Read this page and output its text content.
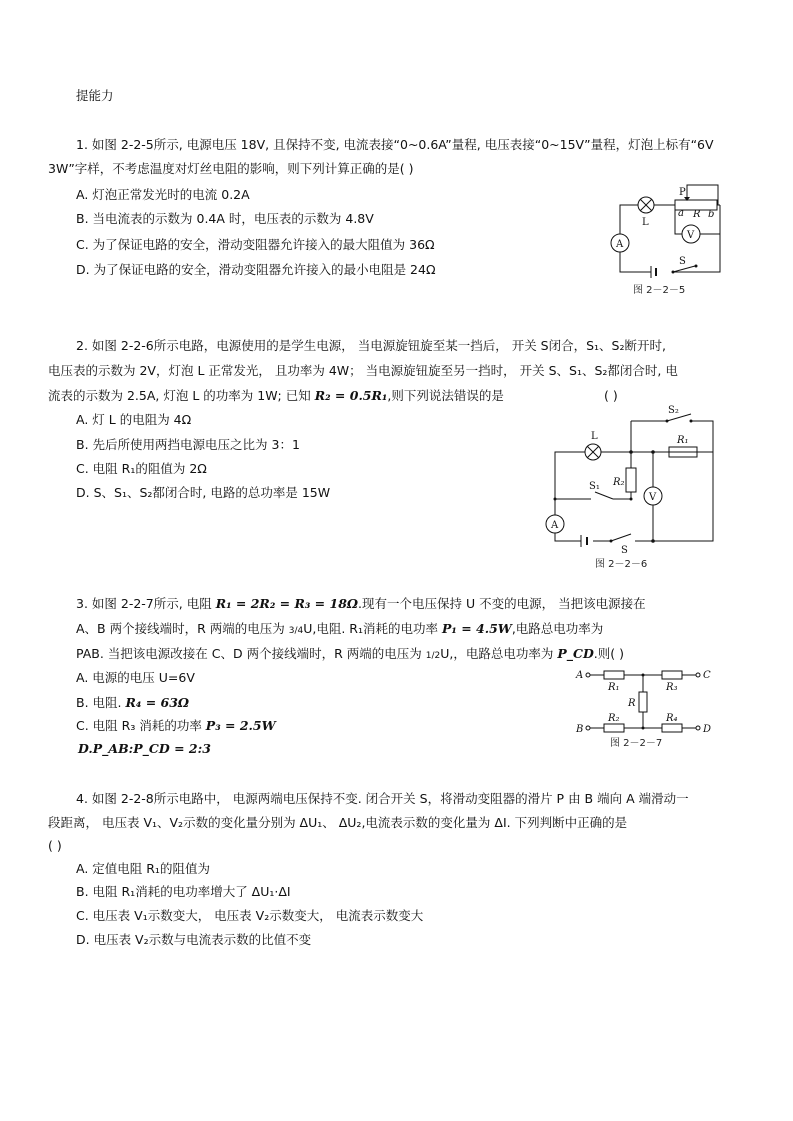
提能力
1. 如图 2-2-5所示, 电源电压 18V, 且保持不变, 电流表接“0~0.6A”量程, 电压表接“0~15V”量程，灯泡上标有“6V
3W”字样，不考虑温度对灯丝电阻的影响，则下列计算正确的是( )
A. 灯泡正常发光时的电流 0.2A
B. 当电流表的示数为 0.4A 时，电压表的示数为 4.8V
C. 为了保证电路的安全，滑动变阻器允许接入的最大阻值为 36Ω
D. 为了保证电路的安全，滑动变阻器允许接入的最小电阻是 24Ω
P
a R b
L
A
V
S
图 2－2－5
2. 如图 2-2-6所示电路，电源使用的是学生电源， 当电源旋钮旋至某一挡后， 开关 S闭合，S₁、S₂断开时,
电压表的示数为 2V，灯泡 L 正常发光， 且功率为 4W； 当电源旋钮旋至另一挡时， 开关 S、S₁、S₂都闭合时, 电
流表的示数为 2.5A, 灯泡 L 的功率为 1W; 已知 R₂ = 0.5R₁,则下列说法错误的是	( )
A. 灯 L 的电阻为 4Ω
B. 先后所使用两挡电源电压之比为 3：1
C. 电阻 R₁的阻值为 2Ω
D. S、S₁、S₂都闭合时, 电路的总功率是 15W
S₂
L	R₁
R₂
S₁
V
A
S
图 2－2－6
3. 如图 2-2-7所示, 电阻 R₁ = 2R₂ = R₃ = 18Ω.现有一个电压保持 U 不变的电源， 当把该电源接在
A、B 两个接线端时，R 两端的电压为 3/4U,电阻. R₁消耗的电功率 P₁ = 4.5W,电路总电功率为
PAB. 当把该电源改接在 C、D 两个接线端时，R 两端的电压为 1/2U,，电路总电功率为 P_CD.则( )
A. 电源的电压 U=6V
B. 电阻. R₄ = 63Ω
C. 电阻 R₃ 消耗的功率 P₃ = 2.5W
D.P_AB:P_CD = 2:3
A
B
C
D
R₁	R₃
R₂	R₄
R
图 2－2－7
4. 如图 2-2-8所示电路中， 电源两端电压保持不变. 闭合开关 S，将滑动变阻器的滑片 P 由 B 端向 A 端滑动一
段距离， 电压表 V₁、V₂示数的变化量分别为 ΔU₁、 ΔU₂,电流表示数的变化量为 ΔI. 下列判断中正确的是
( )
A. 定值电阻 R₁的阻值为
B. 电阻 R₁消耗的电功率增大了 ΔU₁·ΔI
C. 电压表 V₁示数变大， 电压表 V₂示数变大， 电流表示数变大
D. 电压表 V₂示数与电流表示数的比值不变
